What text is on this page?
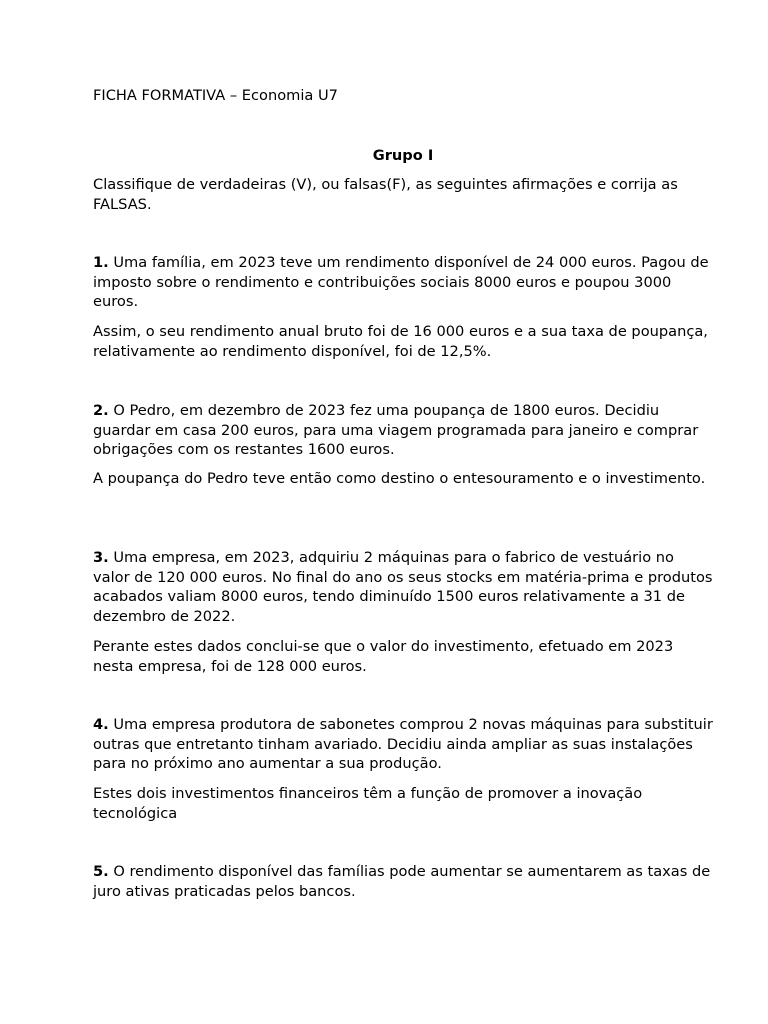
FICHA FORMATIVA – Economia U7
Grupo I
Classifique de verdadeiras (V), ou falsas(F), as seguintes afirmações e corrija as FALSAS.

1. Uma família, em 2023 teve um rendimento disponível de 24 000 euros. Pagou de imposto sobre o rendimento e contribuições sociais 8000 euros e poupou 3000 euros.

Assim, o seu rendimento anual bruto foi de 16 000 euros e a sua taxa de poupança, relativamente ao rendimento disponível, foi de 12,5%.

2. O Pedro, em dezembro de 2023 fez uma poupança de 1800 euros. Decidiu guardar em casa 200 euros, para uma viagem programada para janeiro e comprar obrigações com os restantes 1600 euros.

A poupança do Pedro teve então como destino o entesouramento e o investimento.

3. Uma empresa, em 2023, adquiriu 2 máquinas para o fabrico de vestuário no valor de 120 000 euros. No final do ano os seus stocks em matéria-prima e produtos acabados valiam 8000 euros, tendo diminuído 1500 euros relativamente a 31 de dezembro de 2022.

Perante estes dados conclui-se que o valor do investimento, efetuado em 2023 nesta empresa, foi de 128 000 euros.

4. Uma empresa produtora de sabonetes comprou 2 novas máquinas para substituir outras que entretanto tinham avariado. Decidiu ainda ampliar as suas instalações para no próximo ano aumentar a sua produção.

Estes dois investimentos financeiros têm a função de promover a inovação tecnológica

5. O rendimento disponível das famílias pode aumentar se aumentarem as taxas de juro ativas praticadas pelos bancos.
